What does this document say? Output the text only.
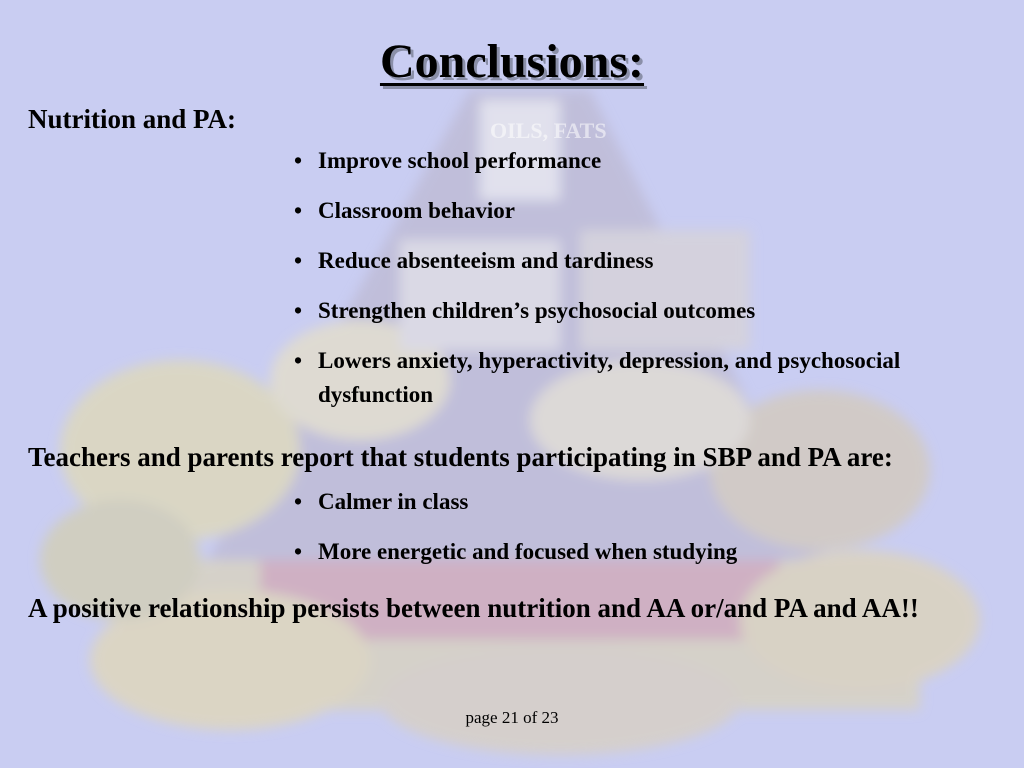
OILS, FATS
Conclusions:

Nutrition and PA:

• Improve school performance
• Classroom behavior
• Reduce absenteeism and tardiness
• Strengthen children’s psychosocial outcomes
• Lowers anxiety, hyperactivity, depression, and psychosocial dysfunction

Teachers and parents report that students participating in SBP and PA are:

• Calmer in class
• More energetic and focused when studying

A positive relationship persists between nutrition and AA or/and PA and AA!!

page 21 of 23
